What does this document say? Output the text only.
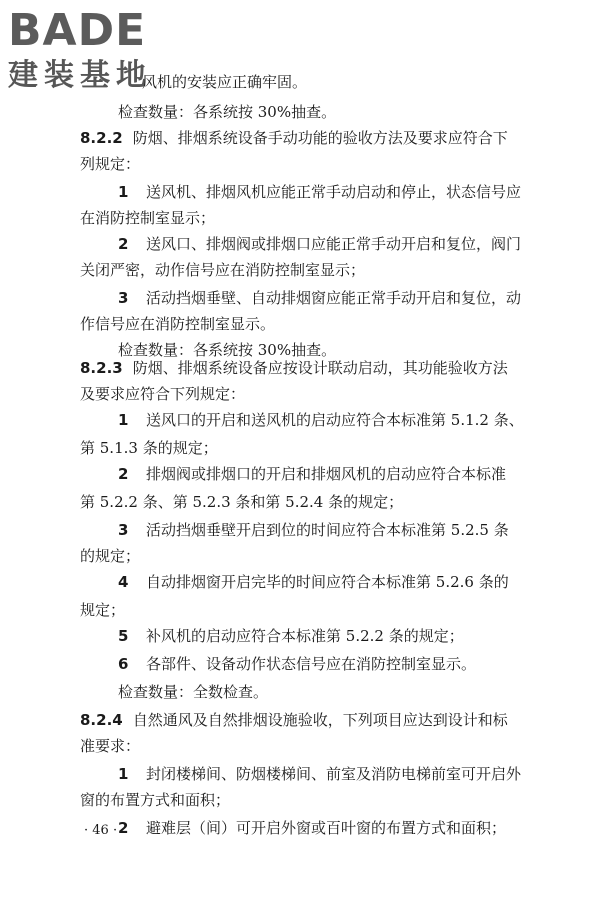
BADE
建装基地
风机的安装应正确牢固。
检查数量：各系统按 30%抽查。
8.2.2 防烟、排烟系统设备手动功能的验收方法及要求应符合下
列规定：
1 送风机、排烟风机应能正常手动启动和停止，状态信号应
在消防控制室显示；
2 送风口、排烟阀或排烟口应能正常手动开启和复位，阀门
关闭严密，动作信号应在消防控制室显示；
3 活动挡烟垂壁、自动排烟窗应能正常手动开启和复位，动
作信号应在消防控制室显示。
检查数量：各系统按 30%抽查。
8.2.3 防烟、排烟系统设备应按设计联动启动，其功能验收方法
及要求应符合下列规定：
1 送风口的开启和送风机的启动应符合本标准第 5.1.2 条、
第 5.1.3 条的规定；
2 排烟阀或排烟口的开启和排烟风机的启动应符合本标准
第 5.2.2 条、第 5.2.3 条和第 5.2.4 条的规定；
3 活动挡烟垂壁开启到位的时间应符合本标准第 5.2.5 条
的规定；
4 自动排烟窗开启完毕的时间应符合本标准第 5.2.6 条的
规定；
5 补风机的启动应符合本标准第 5.2.2 条的规定；
6 各部件、设备动作状态信号应在消防控制室显示。
检查数量：全数检查。
8.2.4 自然通风及自然排烟设施验收，下列项目应达到设计和标
准要求：
1 封闭楼梯间、防烟楼梯间、前室及消防电梯前室可开启外
窗的布置方式和面积；
2 避难层（间）可开启外窗或百叶窗的布置方式和面积；
· 46 ·
